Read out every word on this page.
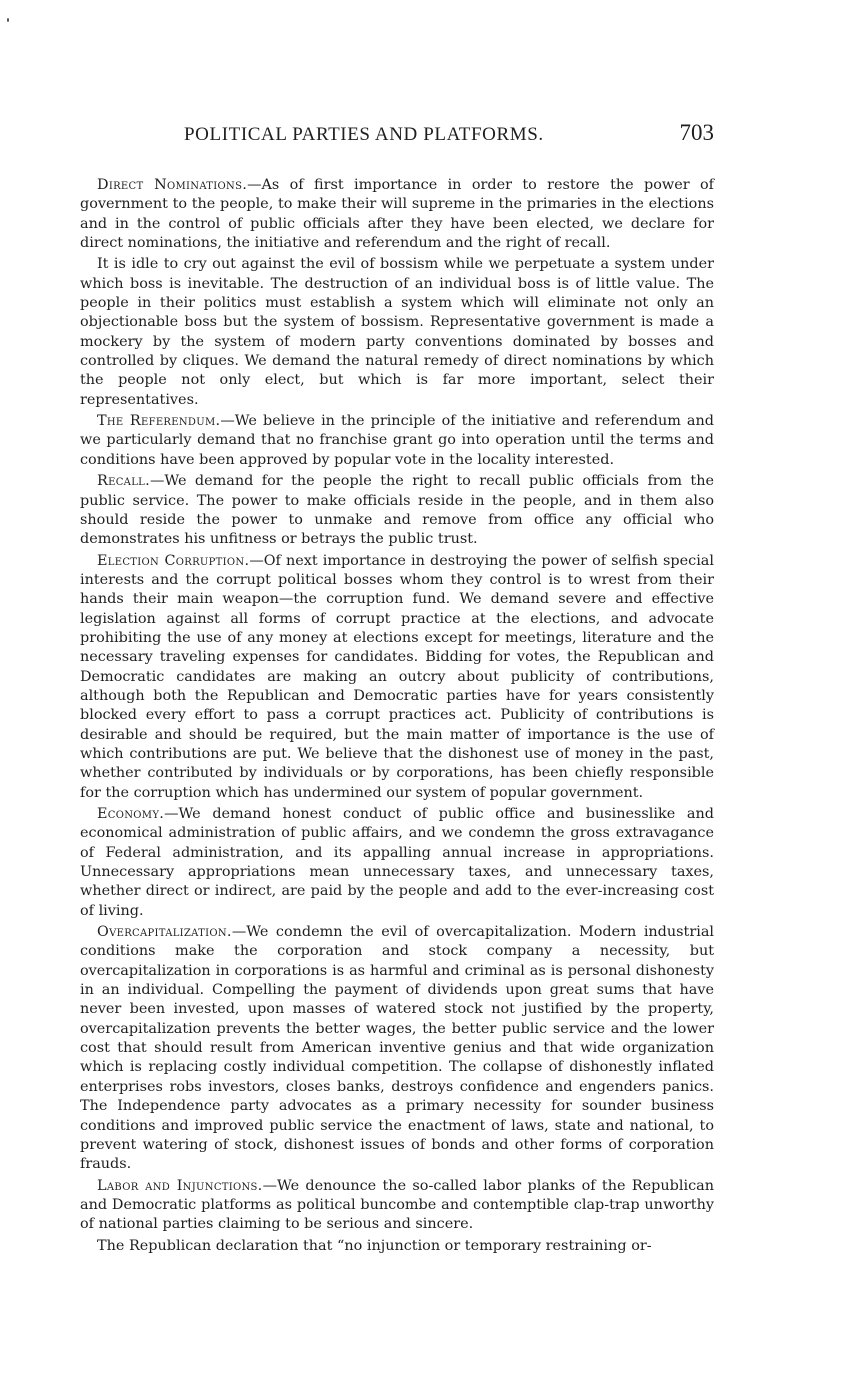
POLITICAL PARTIES AND PLATFORMS.	703

Direct Nominations.—As of first importance in order to restore the power of government to the people, to make their will supreme in the primaries in the elections and in the control of public officials after they have been elected, we declare for direct nominations, the initiative and referendum and the right of recall.

It is idle to cry out against the evil of bossism while we perpetuate a system under which boss is inevitable. The destruction of an individual boss is of little value. The people in their politics must establish a system which will eliminate not only an objectionable boss but the system of bossism. Representative government is made a mockery by the system of modern party conventions dominated by bosses and controlled by cliques. We demand the natural remedy of direct nominations by which the people not only elect, but which is far more important, select their representatives.

The Referendum.—We believe in the principle of the initiative and referendum and we particularly demand that no franchise grant go into operation until the terms and conditions have been approved by popular vote in the locality interested.

Recall.—We demand for the people the right to recall public officials from the public service. The power to make officials reside in the people, and in them also should reside the power to unmake and remove from office any official who demonstrates his unfitness or betrays the public trust.

Election Corruption.—Of next importance in destroying the power of selfish special interests and the corrupt political bosses whom they control is to wrest from their hands their main weapon—the corruption fund. We demand severe and effective legislation against all forms of corrupt practice at the elections, and advocate prohibiting the use of any money at elections except for meetings, literature and the necessary traveling expenses for candidates. Bidding for votes, the Republican and Democratic candidates are making an outcry about publicity of contributions, although both the Republican and Democratic parties have for years consistently blocked every effort to pass a corrupt practices act. Publicity of contributions is desirable and should be required, but the main matter of importance is the use of which contributions are put. We believe that the dishonest use of money in the past, whether contributed by individuals or by corporations, has been chiefly responsible for the corruption which has undermined our system of popular government.

Economy.—We demand honest conduct of public office and businesslike and economical administration of public affairs, and we condemn the gross extravagance of Federal administration, and its appalling annual increase in appropriations. Unnecessary appropriations mean unnecessary taxes, and unnecessary taxes, whether direct or indirect, are paid by the people and add to the ever-increasing cost of living.

Overcapitalization.—We condemn the evil of overcapitalization. Modern industrial conditions make the corporation and stock company a necessity, but overcapitalization in corporations is as harmful and criminal as is personal dishonesty in an individual. Compelling the payment of dividends upon great sums that have never been invested, upon masses of watered stock not justified by the property, overcapitalization prevents the better wages, the better public service and the lower cost that should result from American inventive genius and that wide organization which is replacing costly individual competition. The collapse of dishonestly inflated enterprises robs investors, closes banks, destroys confidence and engenders panics. The Independence party advocates as a primary necessity for sounder business conditions and improved public service the enactment of laws, state and national, to prevent watering of stock, dishonest issues of bonds and other forms of corporation frauds.

Labor and Injunctions.—We denounce the so-called labor planks of the Republican and Democratic platforms as political buncombe and contemptible clap-trap unworthy of national parties claiming to be serious and sincere.

The Republican declaration that “no injunction or temporary restraining or-
